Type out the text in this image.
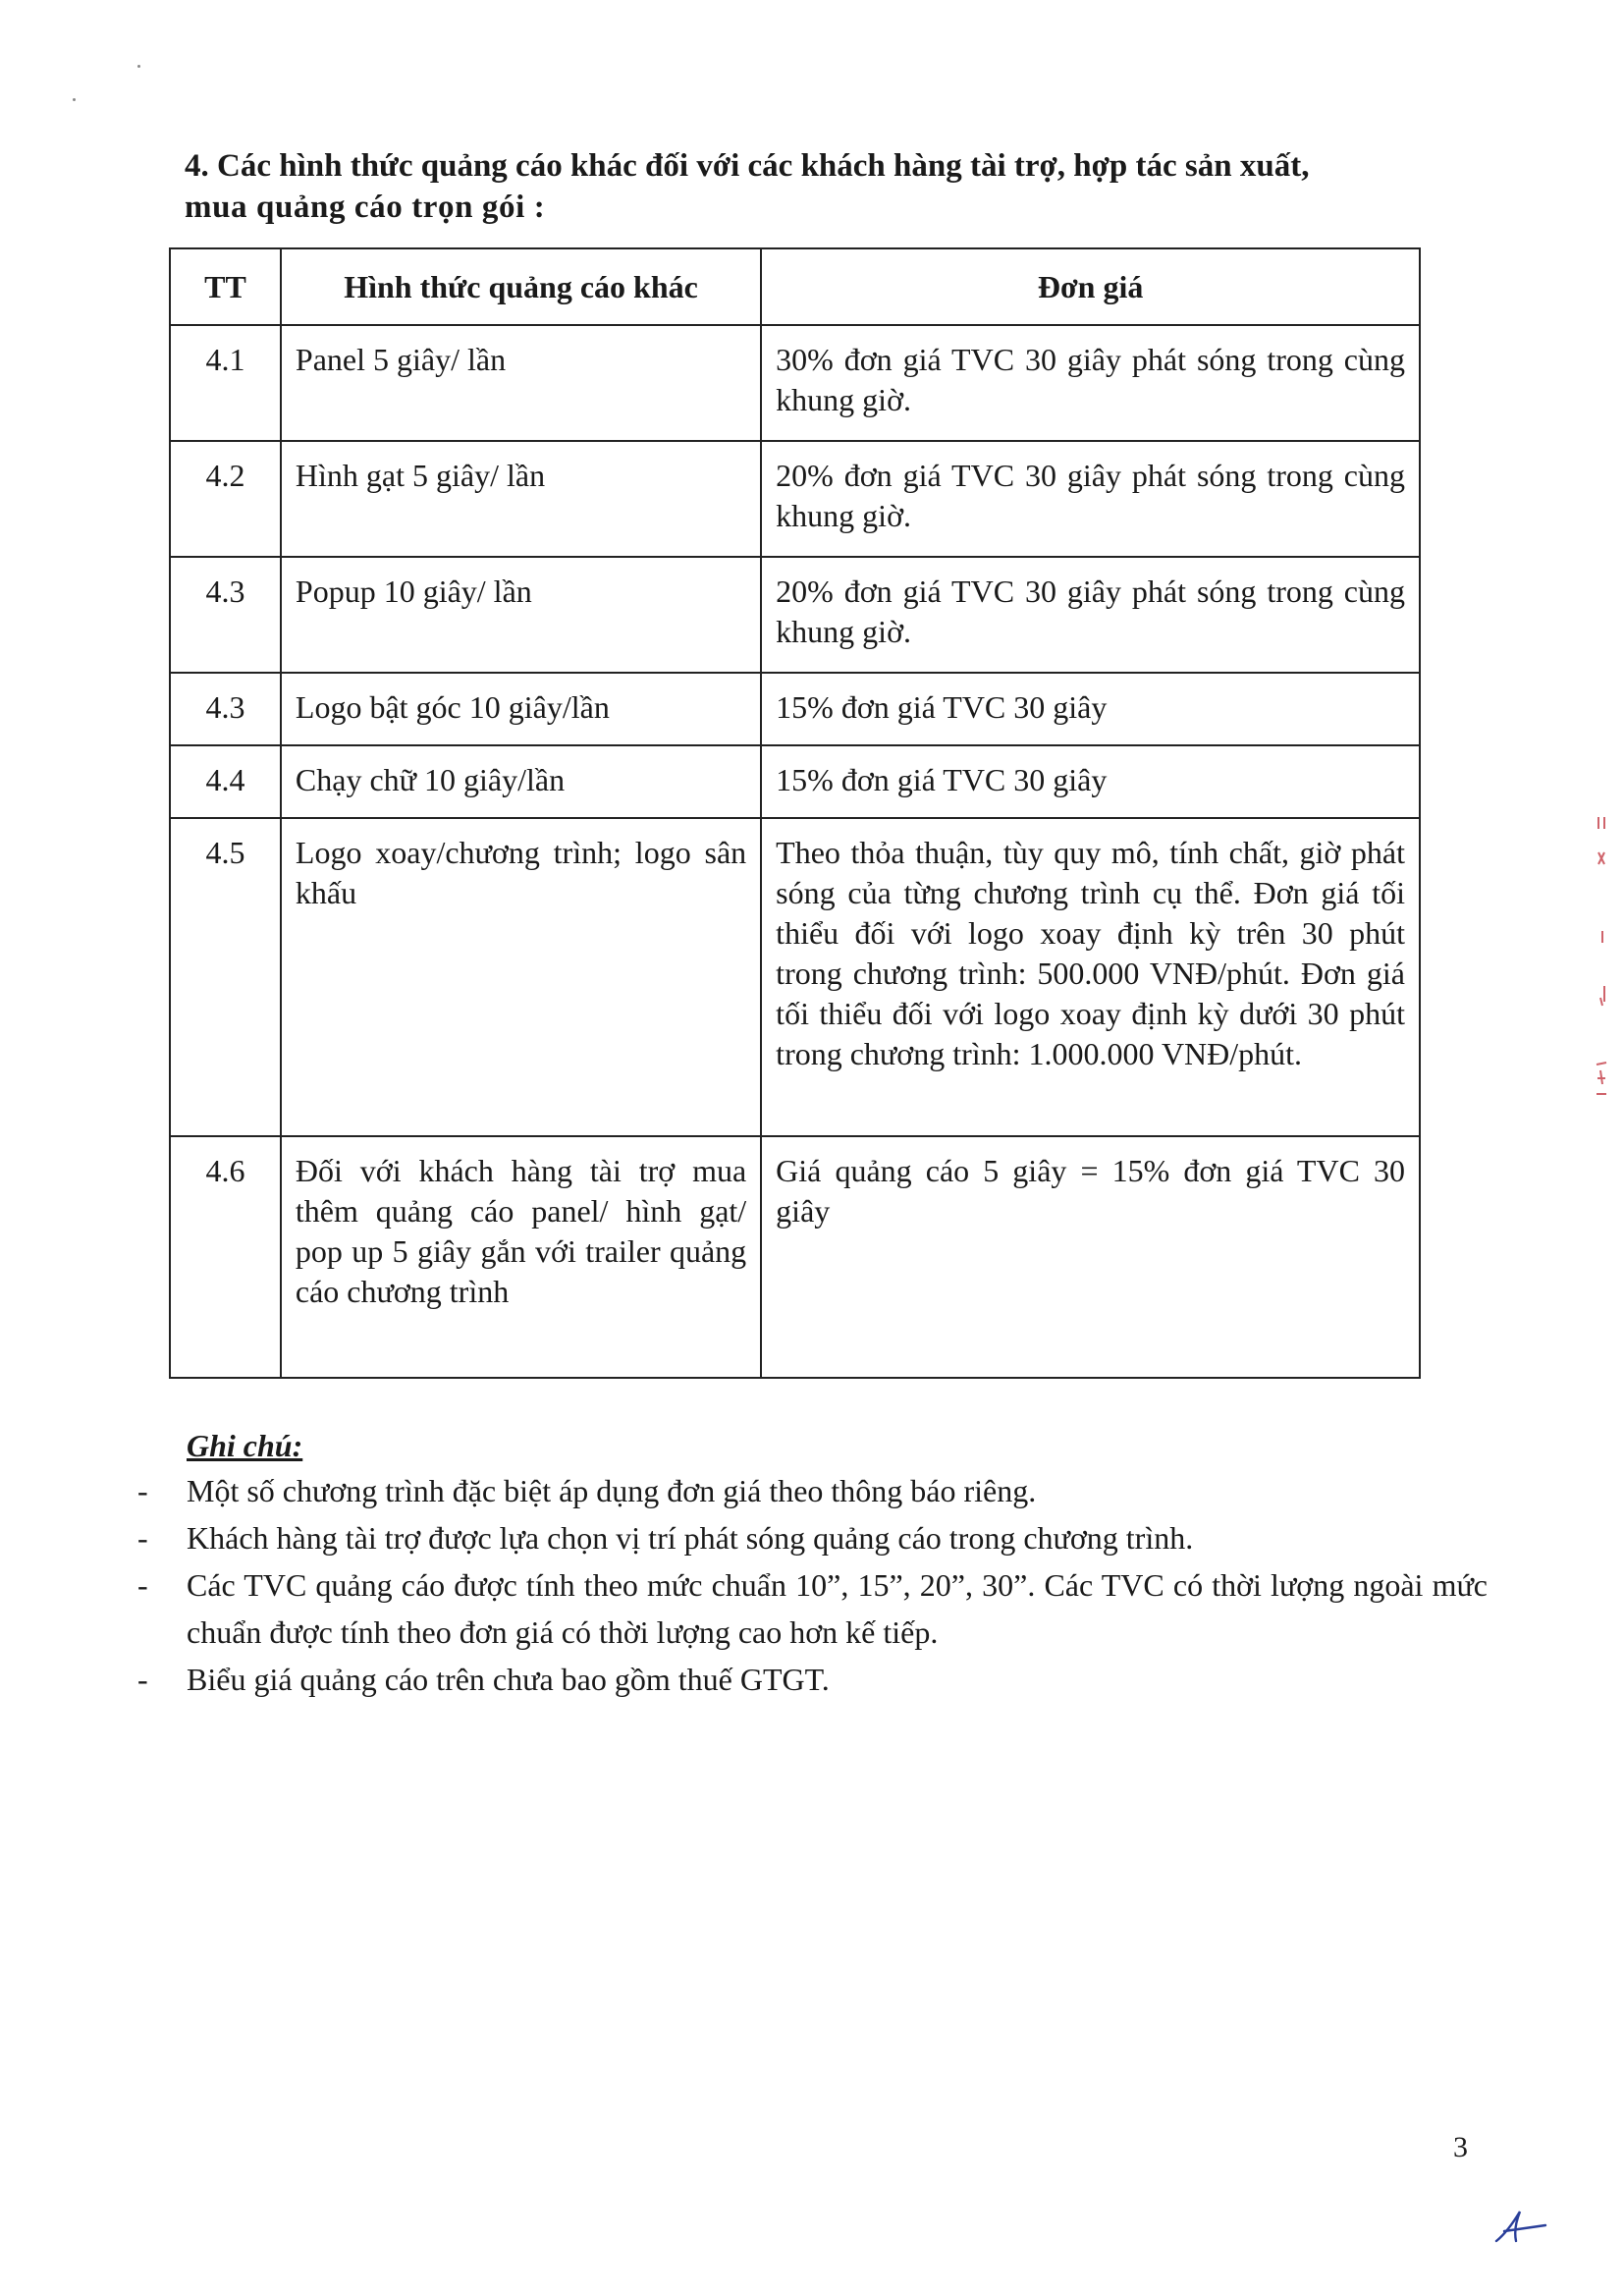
4. Các hình thức quảng cáo khác đối với các khách hàng tài trợ, hợp tác sản xuất,
mua quảng cáo trọn gói :
TT	Hình thức quảng cáo khác	Đơn giá
4.1	Panel 5 giây/ lần	30% đơn giá TVC 30 giây phát sóng trong cùng khung giờ.
4.2	Hình gạt 5 giây/ lần	20% đơn giá TVC 30 giây phát sóng trong cùng khung giờ.
4.3	Popup 10 giây/ lần	20% đơn giá TVC 30 giây phát sóng trong cùng khung giờ.
4.3	Logo bật góc 10 giây/lần	15% đơn giá TVC 30 giây
4.4	Chạy chữ 10 giây/lần	15% đơn giá TVC 30 giây
4.5	Logo xoay/chương trình; logo sân khấu	Theo thỏa thuận, tùy quy mô, tính chất, giờ phát sóng của từng chương trình cụ thể. Đơn giá tối thiểu đối với logo xoay định kỳ trên 30 phút trong chương trình: 500.000 VNĐ/phút. Đơn giá tối thiểu đối với logo xoay định kỳ dưới 30 phút trong chương trình: 1.000.000 VNĐ/phút.
4.6	Đối với khách hàng tài trợ mua thêm quảng cáo panel/ hình gạt/ pop up 5 giây gắn với trailer quảng cáo chương trình	Giá quảng cáo 5 giây = 15% đơn giá TVC 30 giây
Ghi chú:
- Một số chương trình đặc biệt áp dụng đơn giá theo thông báo riêng.
- Khách hàng tài trợ được lựa chọn vị trí phát sóng quảng cáo trong chương trình.
- Các TVC quảng cáo được tính theo mức chuẩn 10”, 15”, 20”, 30”. Các TVC có thời lượng ngoài mức chuẩn được tính theo đơn giá có thời lượng cao hơn kế tiếp.
- Biểu giá quảng cáo trên chưa bao gồm thuế GTGT.
3
